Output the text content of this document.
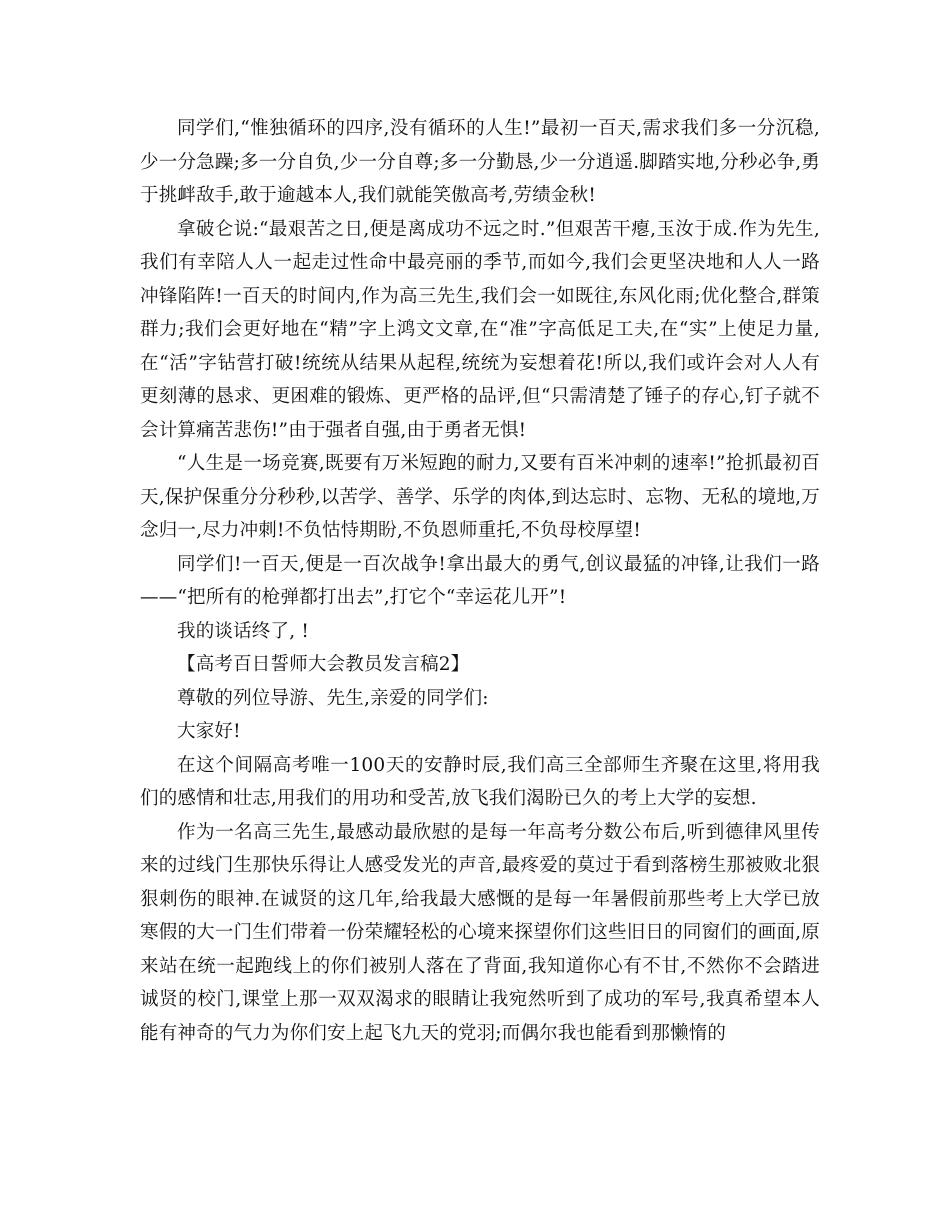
同学们,“惟独循环的四序,没有循环的人生!”最初一百天,需求我们多一分沉稳,少一分急躁;多一分自负,少一分自尊;多一分勤恳,少一分逍遥.脚踏实地,分秒必争,勇于挑衅敌手,敢于逾越本人,我们就能笑傲高考,劳绩金秋!

拿破仑说:“最艰苦之日,便是离成功不远之时.”但艰苦干瘪,玉汝于成.作为先生,我们有幸陪人人一起走过性命中最亮丽的季节,而如今,我们会更坚决地和人人一路冲锋陷阵!一百天的时间内,作为高三先生,我们会一如既往,东风化雨;优化整合,群策群力;我们会更好地在“精”字上鸿文文章,在“准”字高低足工夫,在“实”上使足力量,在“活”字钻营打破!统统从结果从起程,统统为妄想着花!所以,我们或许会对人人有更刻薄的恳求、更困难的锻炼、更严格的品评,但“只需清楚了锤子的存心,钉子就不会计算痛苦悲伤!”由于强者自强,由于勇者无惧!

“人生是一场竞赛,既要有万米短跑的耐力,又要有百米冲刺的速率!”抢抓最初百天,保护保重分分秒秒,以苦学、善学、乐学的肉体,到达忘时、忘物、无私的境地,万念归一,尽力冲刺!不负怙恃期盼,不负恩师重托,不负母校厚望!

同学们!一百天,便是一百次战争!拿出最大的勇气,创议最猛的冲锋,让我们一路——“把所有的枪弹都打出去”,打它个“幸运花儿开”!

我的谈话终了, !

【高考百日誓师大会教员发言稿2】

尊敬的列位导游、先生,亲爱的同学们:

大家好!

在这个间隔高考唯一100天的安静时辰,我们高三全部师生齐聚在这里,将用我们的感情和壮志,用我们的用功和受苦,放飞我们渴盼已久的考上大学的妄想.

作为一名高三先生,最感动最欣慰的是每一年高考分数公布后,听到德律风里传来的过线门生那快乐得让人感受发光的声音,最疼爱的莫过于看到落榜生那被败北狠狠刺伤的眼神.在诚贤的这几年,给我最大感慨的是每一年暑假前那些考上大学已放寒假的大一门生们带着一份荣耀轻松的心境来探望你们这些旧日的同窗们的画面,原来站在统一起跑线上的你们被别人落在了背面,我知道你心有不甘,不然你不会踏进诚贤的校门,课堂上那一双双渴求的眼睛让我宛然听到了成功的军号,我真希望本人能有神奇的气力为你们安上起飞九天的党羽;而偶尔我也能看到那懒惰的
